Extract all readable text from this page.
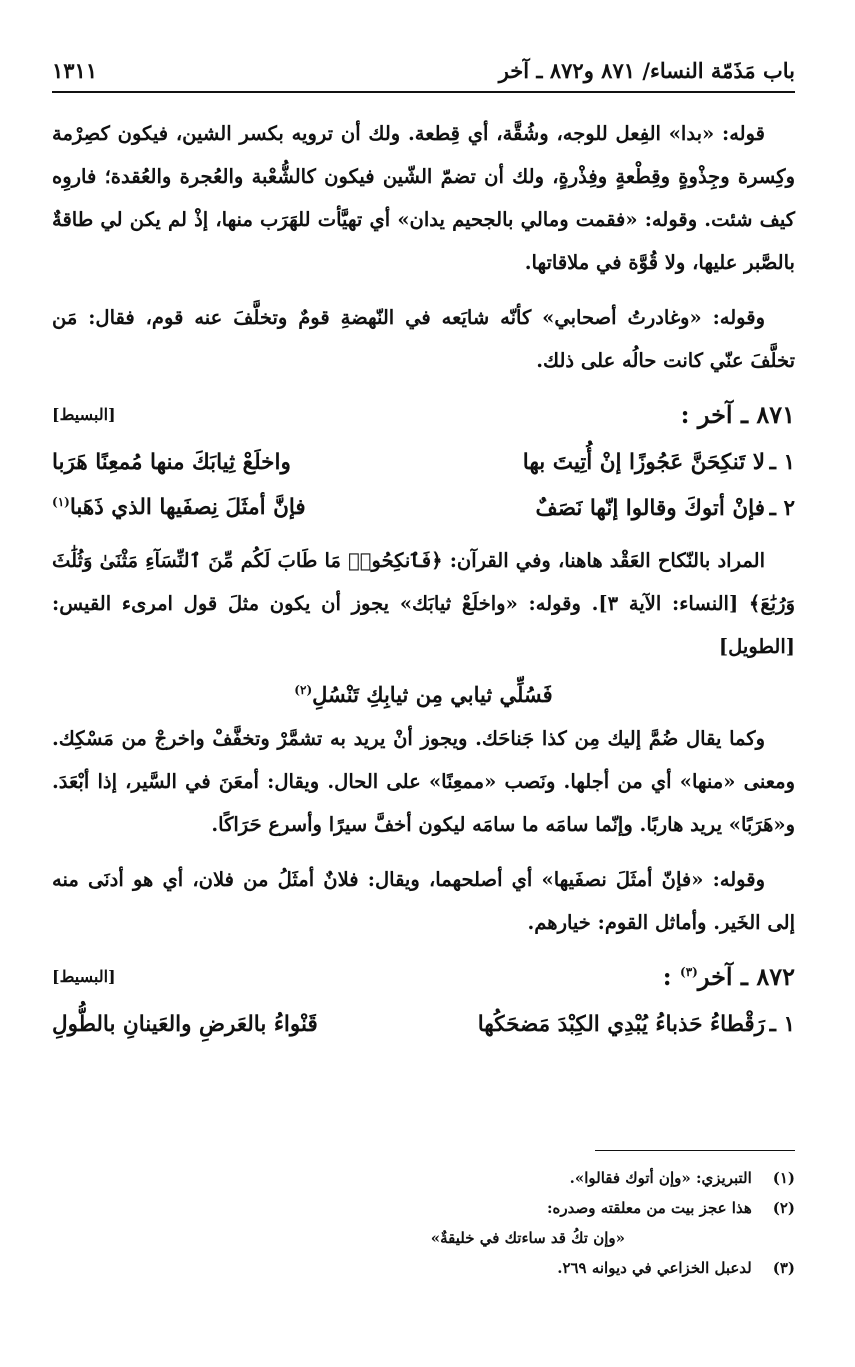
باب مَذَمّة النساء/ ٨٧١ و٨٧٢ ـ آخر
١٣١١

قوله: «بدا» الفِعل للوجه، وشُقَّة، أي قِطعة. ولك أن ترويه بكسر الشين، فيكون كصِرْمة وكِسرة وجِذْوةٍ وقِطْعةٍ وفِذْرةٍ، ولك أن تضمّ الشّين فيكون كالشُّعْبة والعُجرة والعُقدة؛ فاروِه كيف شئت. وقوله: «فقمت ومالي بالجحيم يدان» أي تهيَّأت للهَرَب منها، إذْ لم يكن لي طاقةٌ بالصَّبر عليها، ولا قُوَّة في ملاقاتها.

وقوله: «وغادرتُ أصحابي» كأنّه شايَعه في النّهضةِ قومٌ وتخلَّفَ عنه قوم، فقال: مَن تخلَّفَ عنّي كانت حالُه على ذلك.

٨٧١ ـ آخر :
[البسيط]
١ ـ
لا تَنكِحَنَّ عَجُوزًا إنْ أُتِيتَ بها
واخلَعْ ثِيابَكَ منها مُمعِنًا هَرَبا
٢ ـ
فإنْ أتوكَ وقالوا إنّها نَصَفٌ
فإنَّ أمثَلَ نِصفَيها الذي ذَهَبا$^{(١)}$

المراد بالنّكاح العَقْد هاهنا، وفي القرآن: ﴿فَٱنكِحُوا۟ مَا طَابَ لَكُم مِّنَ ٱلنِّسَآءِ مَثْنَىٰ وَثُلَٰثَ وَرُبَٰعَ﴾ [النساء: الآية ٣]. وقوله: «واخلَعْ ثيابَك» يجوز أن يكون مثلَ قول امرىء القيس: [الطويل]

فَسُلِّي ثيابي مِن ثيابِكِ تَنْسُلِ$^{(٢)}$

وكما يقال ضُمَّ إليك مِن كذا جَناحَك. ويجوز أنْ يريد به تشمَّرْ وتخفَّفْ واخرجْ من مَسْكِك. ومعنى «منها» أي من أجلها. ونَصب «ممعِنًا» على الحال. ويقال: أمعَنَ في السَّير، إذا أبْعَدَ. و«هَرَبًا» يريد هاربًا. وإنّما سامَه ما سامَه ليكون أخفَّ سيرًا وأسرع حَرَاكًا.

وقوله: «فإنّ أمثَلَ نصفَيها» أي أصلحهما، ويقال: فلانٌ أمثَلُ من فلان، أي هو أدنَى منه إلى الخَير. وأماثل القوم: خيارهم.

٨٧٢ ـ آخر$^{(٣)}$ :
[البسيط]
١ ـ
رَقْطاءُ حَذباءُ يُبْدِي الكِبْدَ مَضحَكُها
قَنْواءُ بالعَرضِ والعَينانِ بالطُّولِ
(١) التبريزي: «وإن أتوك فقالوا».
(٢) هذا عجز بيت من معلقته وصدره:
«وإن تكُ قد ساءتك في خليقةٌ»
(٣) لدعبل الخزاعي في ديوانه ٢٦٩.
